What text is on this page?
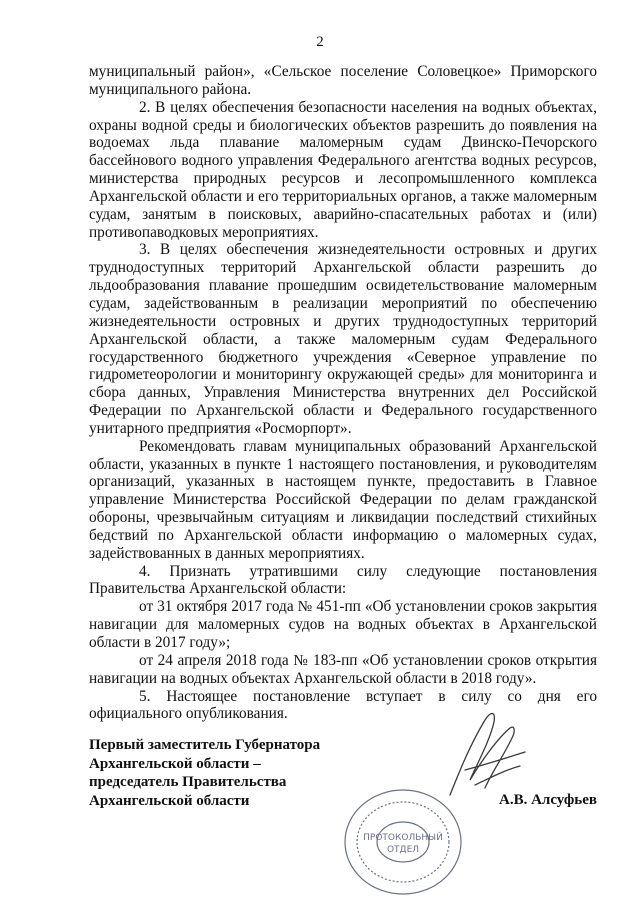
2

муниципальный район», «Сельское поселение Соловецкое» Приморского муниципального района.

2. В целях обеспечения безопасности населения на водных объектах, охраны водной среды и биологических объектов разрешить до появления на водоемах льда плавание маломерным судам Двинско-Печорского бассейнового водного управления Федерального агентства водных ресурсов, министерства природных ресурсов и лесопромышленного комплекса Архангельской области и его территориальных органов, а также маломерным судам, занятым в поисковых, аварийно-спасательных работах и (или) противопаводковых мероприятиях.

3. В целях обеспечения жизнедеятельности островных и других труднодоступных территорий Архангельской области разрешить до льдообразования плавание прошедшим освидетельствование маломерным судам, задействованным в реализации мероприятий по обеспечению жизнедеятельности островных и других труднодоступных территорий Архангельской области, а также маломерным судам Федерального государственного бюджетного учреждения «Северное управление по гидрометеорологии и мониторингу окружающей среды» для мониторинга и сбора данных, Управления Министерства внутренних дел Российской Федерации по Архангельской области и Федерального государственного унитарного предприятия «Росморпорт».

Рекомендовать главам муниципальных образований Архангельской области, указанных в пункте 1 настоящего постановления, и руководителям организаций, указанных в настоящем пункте, предоставить в Главное управление Министерства Российской Федерации по делам гражданской обороны, чрезвычайным ситуациям и ликвидации последствий стихийных бедствий по Архангельской области информацию о маломерных судах, задействованных в данных мероприятиях.

4. Признать утратившими силу следующие постановления Правительства Архангельской области:

от 31 октября 2017 года № 451-пп «Об установлении сроков закрытия навигации для маломерных судов на водных объектах в Архангельской области в 2017 году»;

от 24 апреля 2018 года № 183-пп «Об установлении сроков открытия навигации на водных объектах Архангельской области в 2018 году».

5. Настоящее постановление вступает в силу со дня его официального опубликования.

ПРОТОКОЛЬНЫЙ
ОТДЕЛ
Первый заместитель Губернатора
Архангельской области –
председатель Правительства
Архангельской области	А.В. Алсуфьев
